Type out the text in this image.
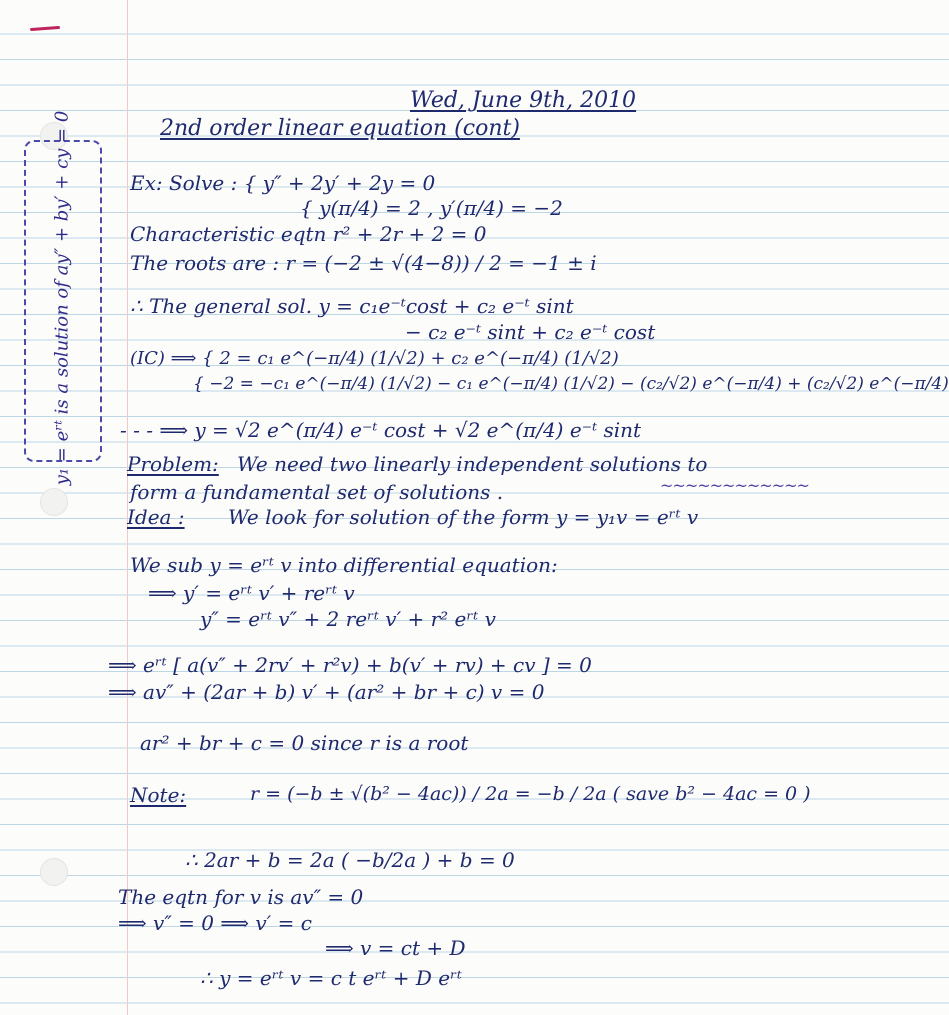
y₁ = eʳᵗ is a solution of ay″ + by′ + cy = 0
Wed, June 9th, 2010
2nd order linear equation (cont)
Ex: Solve : { y″ + 2y′ + 2y = 0
{ y(π/4) = 2 , y′(π/4) = −2
Characteristic eqtn r² + 2r + 2 = 0
The roots are : r = (−2 ± √(4−8)) / 2 = −1 ± i
∴ The general sol. y = c₁e⁻ᵗcost + c₂ e⁻ᵗ sint
− c₂ e⁻ᵗ sint + c₂ e⁻ᵗ cost
(IC) ⟹ { 2 = c₁ e^(−π/4) (1/√2) + c₂ e^(−π/4) (1/√2)
{ −2 = −c₁ e^(−π/4) (1/√2) − c₁ e^(−π/4) (1/√2) − (c₂/√2) e^(−π/4) + (c₂/√2) e^(−π/4)
- - - ⟹ y = √2 e^(π/4) e⁻ᵗ cost + √2 e^(π/4) e⁻ᵗ sint
Problem: We need two linearly independent solutions to
~~~~~~~~~~~~
form a fundamental set of solutions .
Idea : We look for solution of the form y = y₁v = eʳᵗ v
We sub y = eʳᵗ v into differential equation:
⟹ y′ = eʳᵗ v′ + reʳᵗ v
y″ = eʳᵗ v″ + 2 reʳᵗ v′ + r² eʳᵗ v
⟹ eʳᵗ [ a(v″ + 2rv′ + r²v) + b(v′ + rv) + cv ] = 0
⟹ av″ + (2ar + b) v′ + (ar² + br + c) v = 0
ar² + br + c = 0 since r is a root
Note:	r = (−b ± √(b² − 4ac)) / 2a = −b / 2a ( save b² − 4ac = 0 )
∴ 2ar + b = 2a ( −b/2a ) + b = 0
The eqtn for v is av″ = 0
⟹ v″ = 0 ⟹ v′ = c
⟹ v = ct + D
∴ y = eʳᵗ v = c t eʳᵗ + D eʳᵗ
